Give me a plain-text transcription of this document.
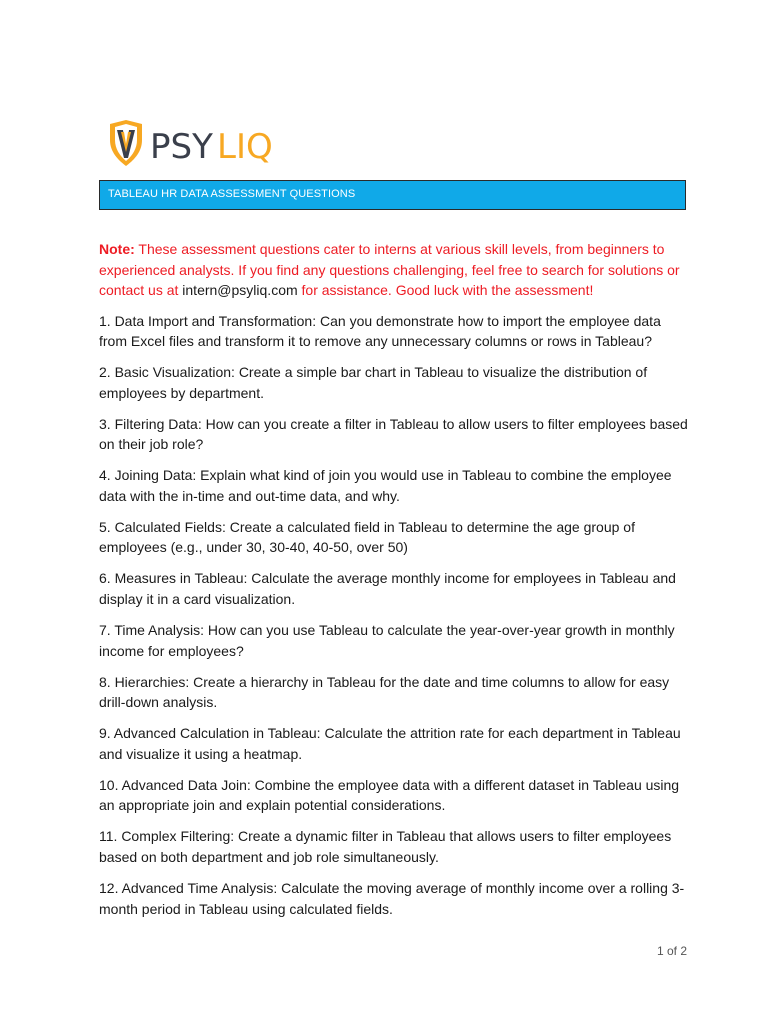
PSY LIQ
TABLEAU HR DATA ASSESSMENT QUESTIONS

Note: These assessment questions cater to interns at various skill levels, from beginners to experienced analysts. If you find any questions challenging, feel free to search for solutions or contact us at intern@psyliq.com for assistance. Good luck with the assessment!

1. Data Import and Transformation: Can you demonstrate how to import the employee data from Excel files and transform it to remove any unnecessary columns or rows in Tableau?

2. Basic Visualization: Create a simple bar chart in Tableau to visualize the distribution of employees by department.

3. Filtering Data: How can you create a filter in Tableau to allow users to filter employees based on their job role?

4. Joining Data: Explain what kind of join you would use in Tableau to combine the employee data with the in-time and out-time data, and why.

5. Calculated Fields: Create a calculated field in Tableau to determine the age group of employees (e.g., under 30, 30-40, 40-50, over 50)

6. Measures in Tableau: Calculate the average monthly income for employees in Tableau and display it in a card visualization.

7. Time Analysis: How can you use Tableau to calculate the year-over-year growth in monthly income for employees?

8. Hierarchies: Create a hierarchy in Tableau for the date and time columns to allow for easy drill-down analysis.

9. Advanced Calculation in Tableau: Calculate the attrition rate for each department in Tableau and visualize it using a heatmap.

10. Advanced Data Join: Combine the employee data with a different dataset in Tableau using an appropriate join and explain potential considerations.

11. Complex Filtering: Create a dynamic filter in Tableau that allows users to filter employees based on both department and job role simultaneously.

12. Advanced Time Analysis: Calculate the moving average of monthly income over a rolling 3-month period in Tableau using calculated fields.

1 of 2
